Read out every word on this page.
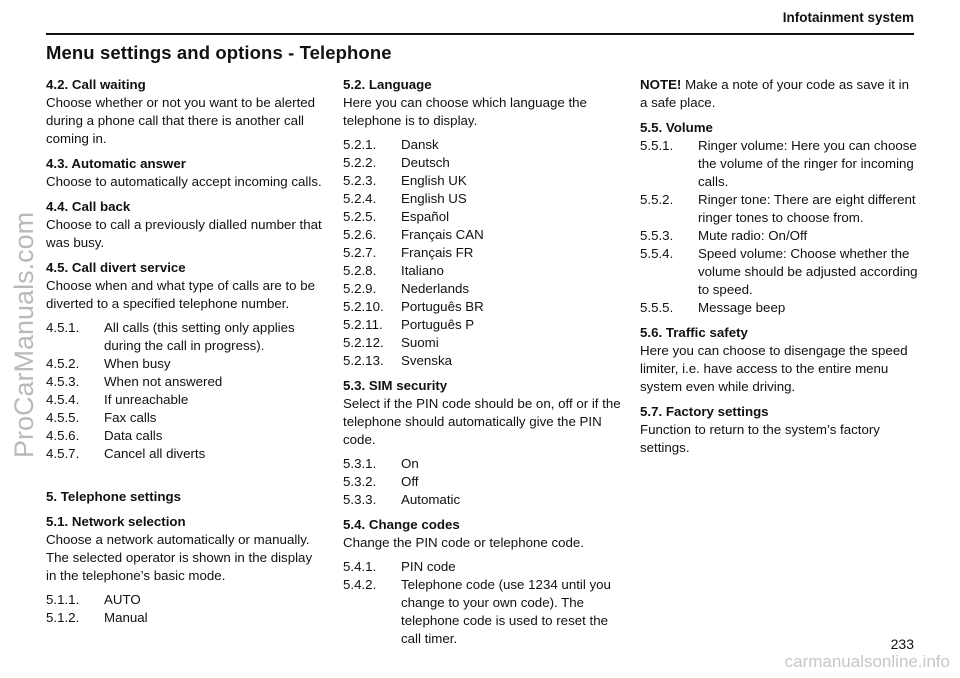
Infotainment system
Menu settings and options - Telephone
4.2. Call waiting
Choose whether or not you want to be alerted during a phone call that there is another call coming in.
4.3. Automatic answer
Choose to automatically accept incoming calls.
4.4. Call back
Choose to call a previously dialled number that was busy.
4.5. Call divert service
Choose when and what type of calls are to be diverted to a specified telephone number.
4.5.1.	All calls (this setting only applies during the call in progress).
4.5.2.	When busy
4.5.3.	When not answered
4.5.4.	If unreachable
4.5.5.	Fax calls
4.5.6.	Data calls
4.5.7.	Cancel all diverts
5. Telephone settings
5.1. Network selection
Choose a network automatically or manually. The selected operator is shown in the display in the telephone’s basic mode.
5.1.1.	AUTO
5.1.2.	Manual
5.2. Language
Here you can choose which language the telephone is to display.
5.2.1.	Dansk
5.2.2.	Deutsch
5.2.3.	English UK
5.2.4.	English US
5.2.5.	Español
5.2.6.	Français CAN
5.2.7.	Français FR
5.2.8.	Italiano
5.2.9.	Nederlands
5.2.10.	Português BR
5.2.11.	Português P
5.2.12.	Suomi
5.2.13.	Svenska
5.3. SIM security
Select if the PIN code should be on, off or if the telephone should automatically give the PIN code.
5.3.1.	On
5.3.2.	Off
5.3.3.	Automatic
5.4. Change codes
Change the PIN code or telephone code.
5.4.1.	PIN code
5.4.2.	Telephone code (use 1234 until you change to your own code). The telephone code is used to reset the call timer.
NOTE! Make a note of your code as save it in a safe place.
5.5. Volume
5.5.1.	Ringer volume: Here you can choose the volume of the ringer for incoming calls.
5.5.2.	Ringer tone: There are eight different ringer tones to choose from.
5.5.3.	Mute radio: On/Off
5.5.4.	Speed volume: Choose whether the volume should be adjusted according to speed.
5.5.5.	Message beep
5.6. Traffic safety
Here you can choose to disengage the speed limiter, i.e. have access to the entire menu system even while driving.
5.7. Factory settings
Function to return to the system’s factory settings.
233
ProCarManuals.com
carmanualsonline.info
